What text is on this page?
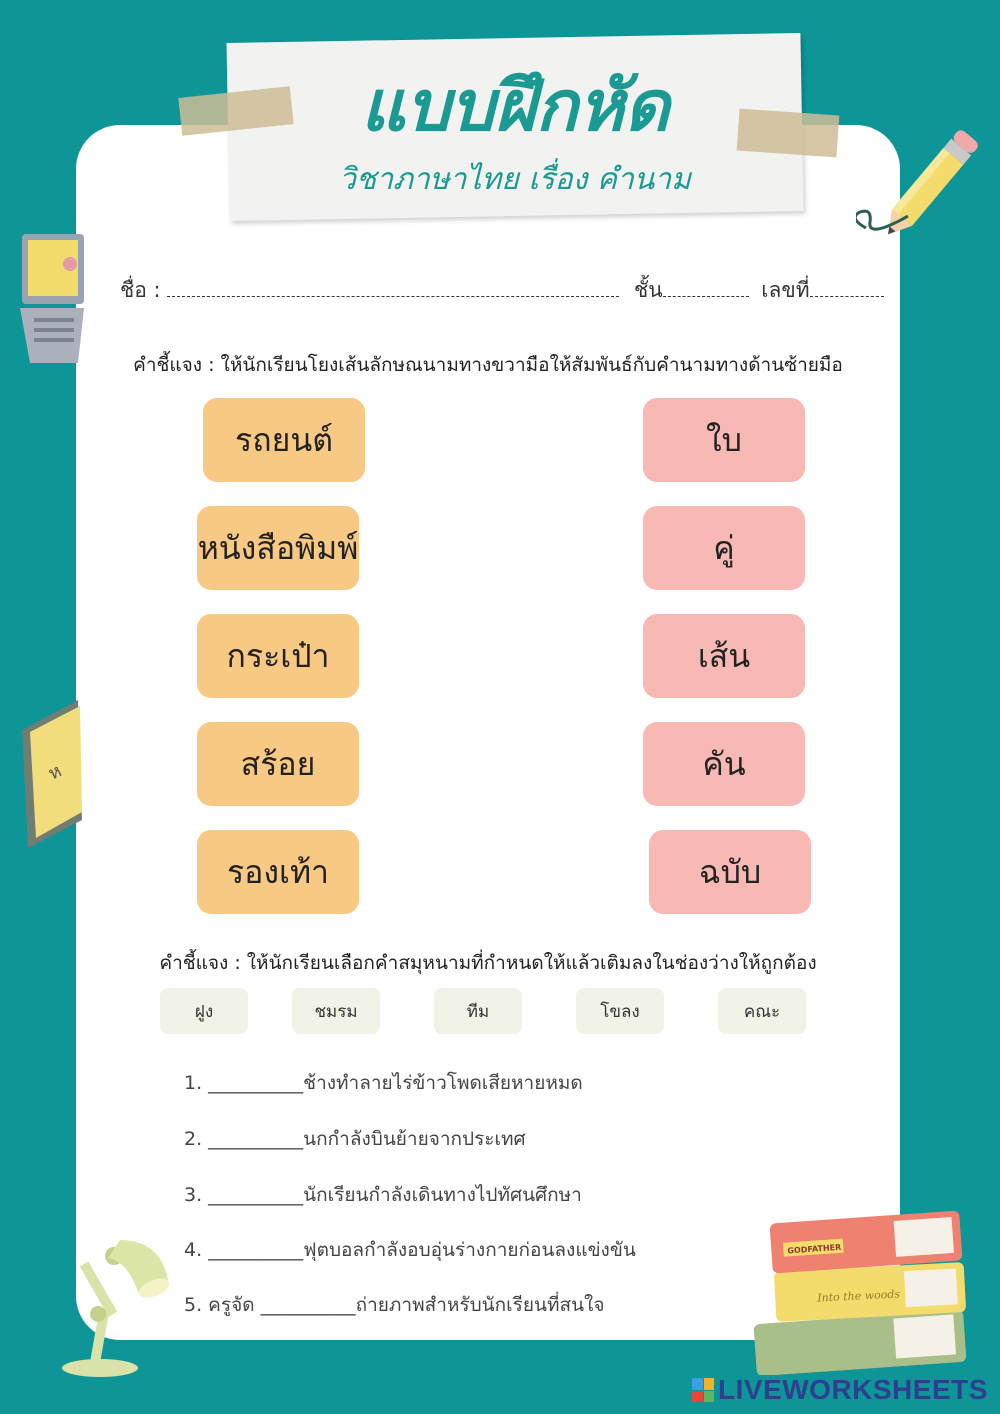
ห
แบบฝึกหัด
วิชาภาษาไทย เรื่อง คำนาม
ชื่อ :	ชั้น	เลขที่
คำชี้แจง : ให้นักเรียนโยงเส้นลักษณนามทางขวามือให้สัมพันธ์กับคำนามทางด้านซ้ายมือ
รถยนต์
หนังสือพิมพ์
กระเป๋า
สร้อย
รองเท้า
ใบ
คู่
เส้น
คัน
ฉบับ
คำชี้แจง : ให้นักเรียนเลือกคำสมุหนามที่กำหนดให้แล้วเติมลงในช่องว่างให้ถูกต้อง
ฝูง	ชมรม	ทีม	โขลง	คณะ
1. __________ช้างทำลายไร่ข้าวโพดเสียหายหมด
2. __________นกกำลังบินย้ายจากประเทศ
3. __________นักเรียนกำลังเดินทางไปทัศนศึกษา
4. __________ฟุตบอลกำลังอบอุ่นร่างกายก่อนลงแข่งขัน
5. ครูจัด __________ถ่ายภาพสำหรับนักเรียนที่สนใจ	Into the woods
GODFATHER
LIVEWORKSHEETS
